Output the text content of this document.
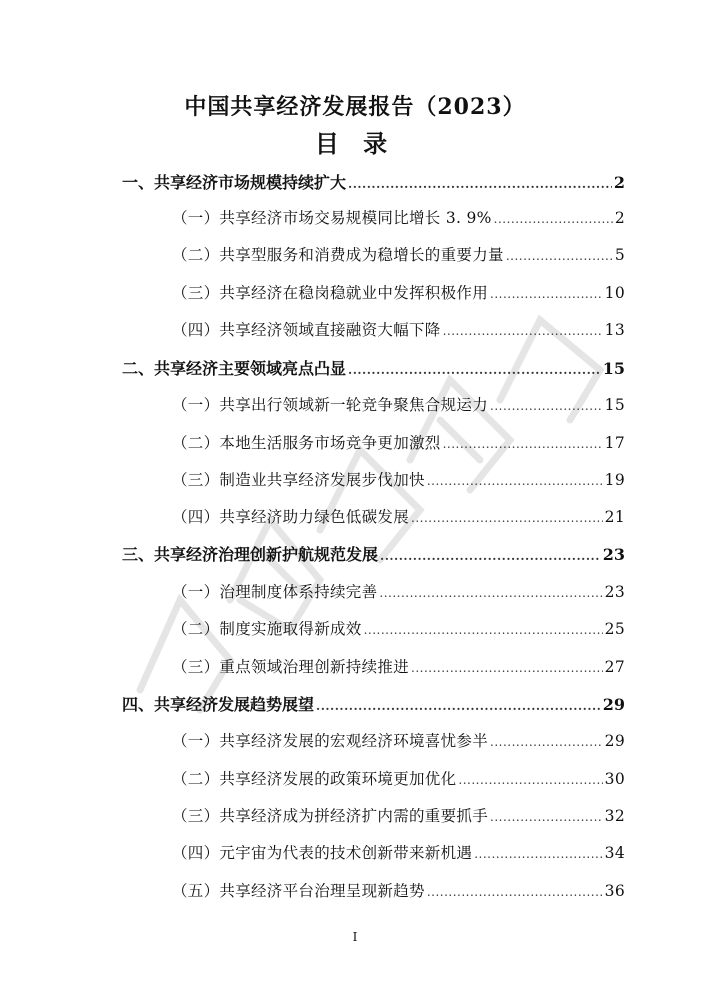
中国共享经济发展报告（2023）
目 录
一、共享经济市场规模持续扩大 .....	2
（一）共享经济市场交易规模同比增长 3. 9% .....	2
（二）共享型服务和消费成为稳增长的重要力量 .....	5
（三）共享经济在稳岗稳就业中发挥积极作用 .....	10
（四）共享经济领域直接融资大幅下降 .....	13
二、共享经济主要领域亮点凸显 .....	15
（一）共享出行领域新一轮竞争聚焦合规运力 .....	15
（二）本地生活服务市场竞争更加激烈 .....	17
（三）制造业共享经济发展步伐加快 .....	19
（四）共享经济助力绿色低碳发展 .....	21
三、共享经济治理创新护航规范发展 .....	23
（一）治理制度体系持续完善 .....	23
（二）制度实施取得新成效 .....	25
（三）重点领域治理创新持续推进 .....	27
四、共享经济发展趋势展望 .....	29
（一）共享经济发展的宏观经济环境喜忧参半 .....	29
（二）共享经济发展的政策环境更加优化 .....	30
（三）共享经济成为拼经济扩内需的重要抓手 .....	32
（四）元宇宙为代表的技术创新带来新机遇 .....	34
（五）共享经济平台治理呈现新趋势 .....	36
I
